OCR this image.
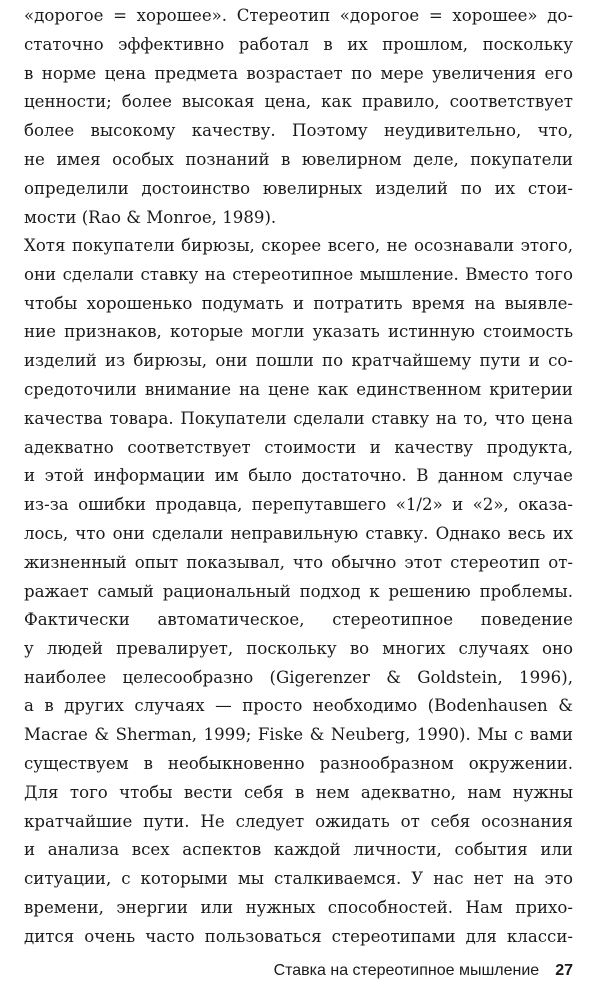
«дорогое = хорошее». Стереотип «дорогое = хорошее» до-
статочно эффективно работал в их прошлом, поскольку
в норме цена предмета возрастает по мере увеличения его
ценности; более высокая цена, как правило, соответствует
более высокому качеству. Поэтому неудивительно, что,
не имея особых познаний в ювелирном деле, покупатели
определили достоинство ювелирных изделий по их стои-
мости (Rao & Monroe, 1989).
Хотя покупатели бирюзы, скорее всего, не осознавали этого,
они сделали ставку на стереотипное мышление. Вместо того
чтобы хорошенько подумать и потратить время на выявле-
ние признаков, которые могли указать истинную стоимость
изделий из бирюзы, они пошли по кратчайшему пути и со-
средоточили внимание на цене как единственном критерии
качества товара. Покупатели сделали ставку на то, что цена
адекватно соответствует стоимости и качеству продукта,
и этой информации им было достаточно. В данном случае
из-за ошибки продавца, перепутавшего «1/2» и «2», оказа-
лось, что они сделали неправильную ставку. Однако весь их
жизненный опыт показывал, что обычно этот стереотип от-
ражает самый рациональный подход к решению проблемы.
Фактически автоматическое, стереотипное поведение
у людей превалирует, поскольку во многих случаях оно
наиболее целесообразно (Gigerenzer & Goldstein, 1996),
а в других случаях — просто необходимо (Bodenhausen &
Macrae & Sherman, 1999; Fiske & Neuberg, 1990). Мы с вами
существуем в необыкновенно разнообразном окружении.
Для того чтобы вести себя в нем адекватно, нам нужны
кратчайшие пути. Не следует ожидать от себя осознания
и анализа всех аспектов каждой личности, события или
ситуации, с которыми мы сталкиваемся. У нас нет на это
времени, энергии или нужных способностей. Нам прихо-
дится очень часто пользоваться стереотипами для класси-
Ставка на стереотипное мышление 27
